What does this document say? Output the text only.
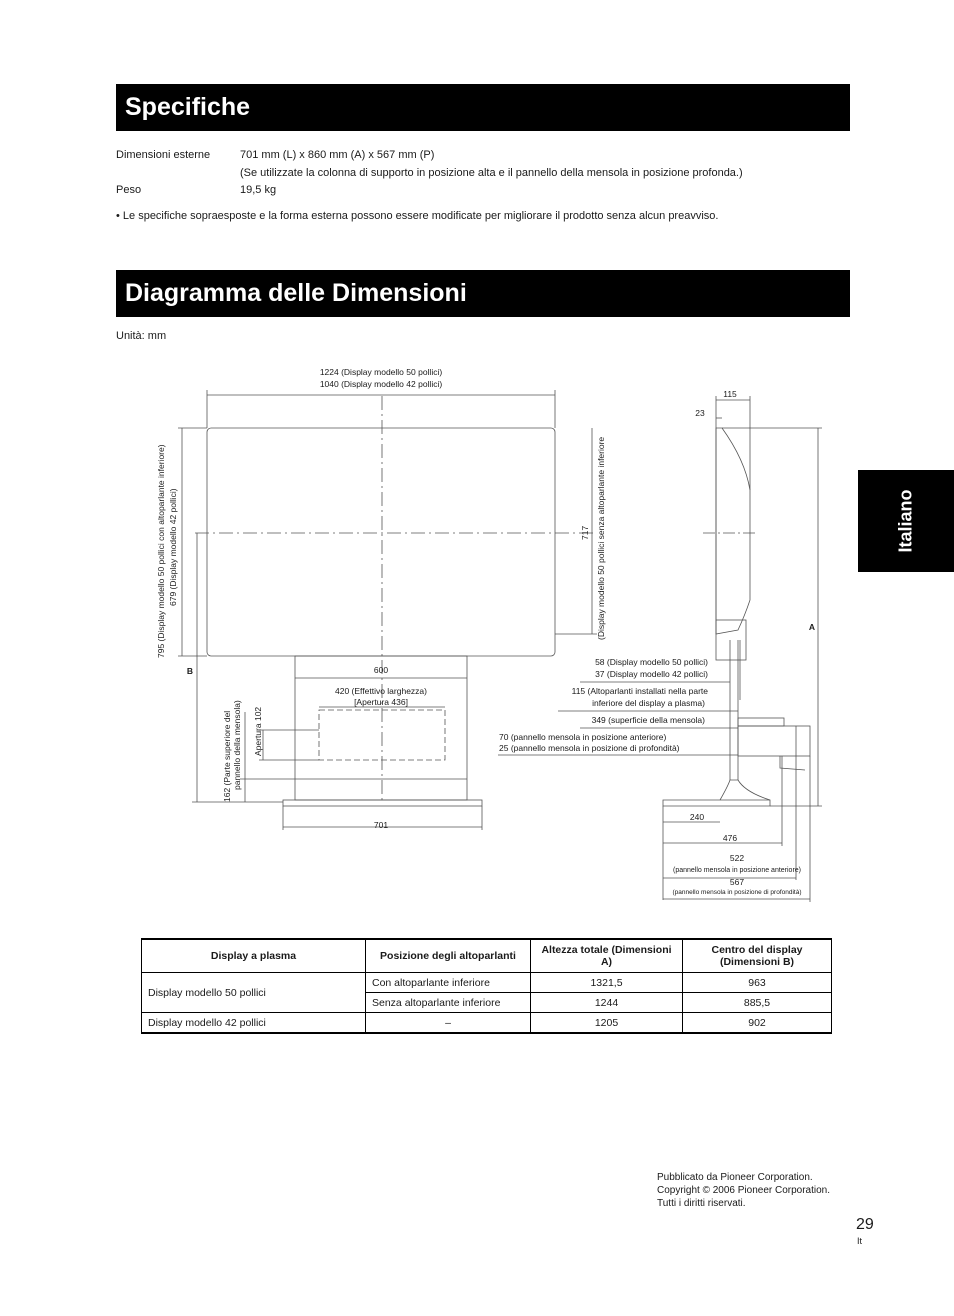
Specifiche
Dimensioni esterne	701 mm (L) x 860 mm (A) x 567 mm (P)
(Se utilizzate la colonna di supporto in posizione alta e il pannello della mensola in posizione profonda.)
Peso	19,5 kg
• Le specifiche sopraesposte e la forma esterna possono essere modificate per migliorare il prodotto senza alcun preavviso.
Diagramma delle Dimensioni
Unità: mm
Italiano
1224 (Display modello 50 pollici)
1040 (Display modello 42 pollici)
795 (Display modello 50 pollici con altoparlante inferiore) 679 (Display modello 42 pollici)	717 (Display modello 50 pollici senza altoparlante inferiore
B	600
420 (Effettivo larghezza)
[Apertura 436]
Apertura 102
162 (Parte superiore del pannello della mensola)
701
115
23
58 (Display modello 50 pollici)
37 (Display modello 42 pollici)
115 (Altoparlanti installati nella parte
inferiore del display a plasma)
349 (superficie della mensola)
70 (pannello mensola in posizione anteriore)
25 (pannello mensola in posizione di profondità)
A
240
476
522
(pannello mensola in posizione anteriore)
567
(pannello mensola in posizione di profondità)
Display a plasma	Posizione degli altoparlanti	Altezza totale (Dimensioni A)	Centro del display (Dimensioni B)
Display modello 50 pollici	Con altoparlante inferiore	1321,5	963
	Senza altoparlante inferiore	1244	885,5
Display modello 42 pollici	–	1205	902
Pubblicato da Pioneer Corporation.
Copyright © 2006 Pioneer Corporation.
Tutti i diritti riservati.
29
It
